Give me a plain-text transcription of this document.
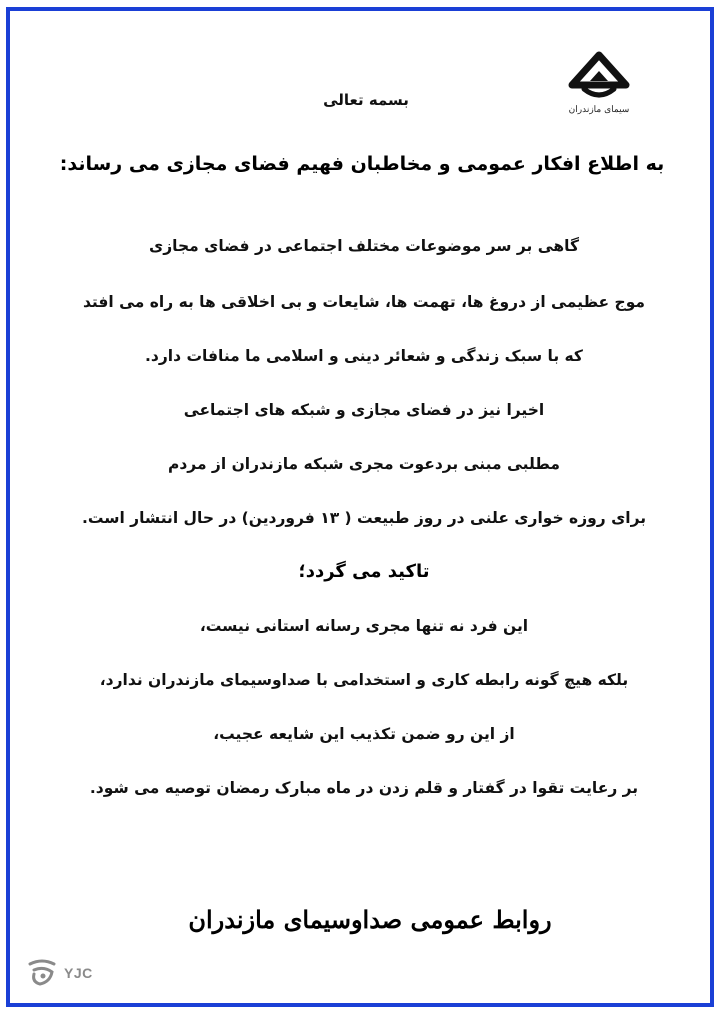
سیمای مازندران
بسمه تعالی
به اطلاع افکار عمومی و مخاطبان فهیم فضای مجازی می رساند:
گاهی بر سر موضوعات مختلف اجتماعی در فضای مجازی
موج عظیمی از دروغ ها، تهمت ها، شایعات و بی اخلاقی ها به راه می افتد
که با سبک زندگی و شعائر دینی و اسلامی ما منافات دارد.
اخیرا نیز در فضای مجازی و شبکه های اجتماعی
مطلبی مبنی بردعوت مجری شبکه مازندران از مردم
برای روزه خواری علنی در روز طبیعت ( ۱۳ فروردین) در حال انتشار است.
تاکید می گردد؛
این فرد نه تنها مجری رسانه استانی نیست،
بلکه هیچ گونه رابطه کاری و استخدامی با صداوسیمای مازندران ندارد،
از این رو ضمن تکذیب این شایعه عجیب،
بر رعایت تقوا در گفتار و قلم زدن در ماه مبارک رمضان توصیه می شود.
روابط عمومی صداوسیمای مازندران
YJC
